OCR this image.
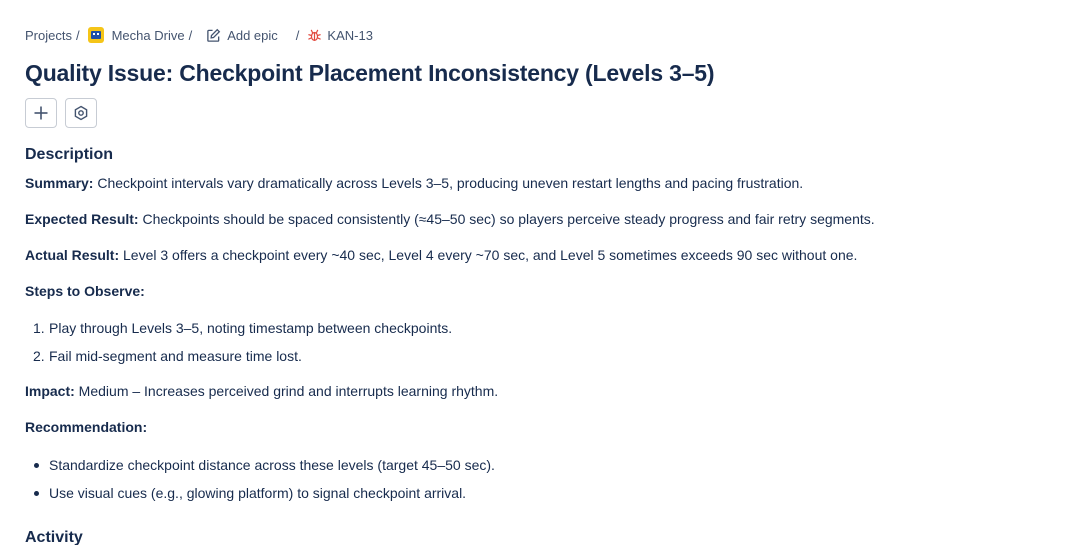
Projects / Mecha Drive /	Add epic / KAN-13
Quality Issue: Checkpoint Placement Inconsistency (Levels 3–5)
Description

Summary: Checkpoint intervals vary dramatically across Levels 3–5, producing uneven restart lengths and pacing frustration.

Expected Result: Checkpoints should be spaced consistently (≈45–50 sec) so players perceive steady progress and fair retry segments.

Actual Result: Level 3 offers a checkpoint every ~40 sec, Level 4 every ~70 sec, and Level 5 sometimes exceeds 90 sec without one.

Steps to Observe:

1. Play through Levels 3–5, noting timestamp between checkpoints.
2. Fail mid-segment and measure time lost.

Impact: Medium – Increases perceived grind and interrupts learning rhythm.

Recommendation:

Standardize checkpoint distance across these levels (target 45–50 sec).
Use visual cues (e.g., glowing platform) to signal checkpoint arrival.
Activity
